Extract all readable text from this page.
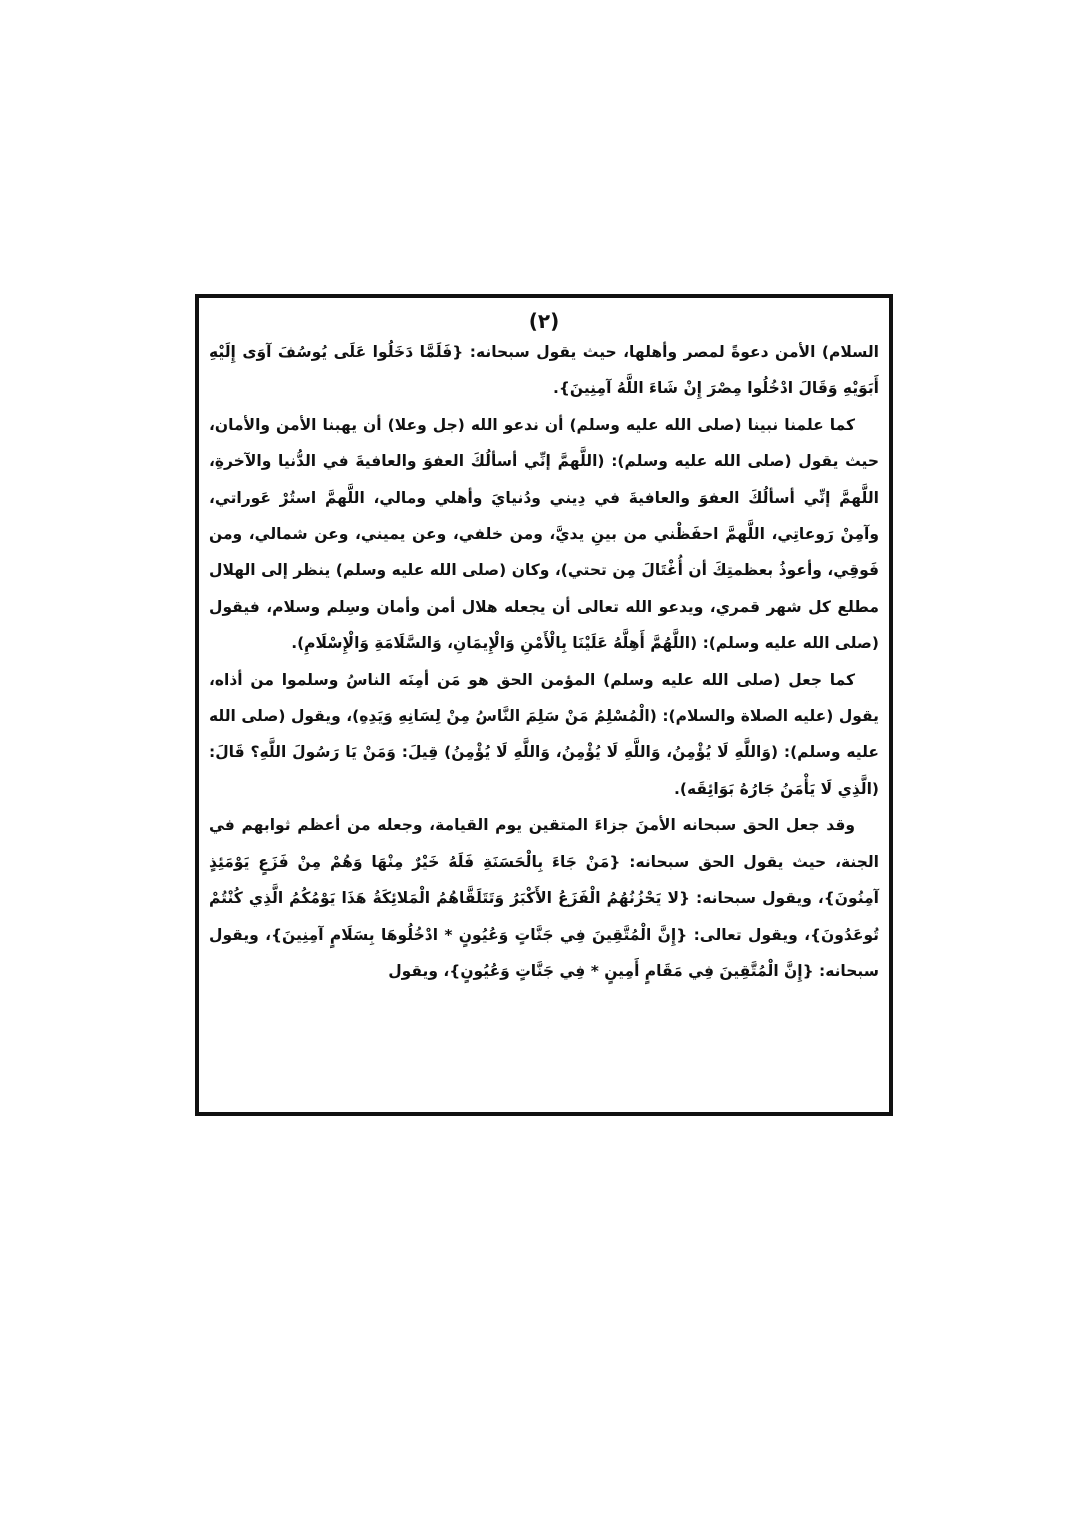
(٢)

السلام) الأمن دعوةً لمصر وأهلها، حيث يقول سبحانه: {فَلَمَّا دَخَلُوا عَلَى يُوسُفَ آوَى إِلَيْهِ أَبَوَيْهِ وَقَالَ ادْخُلُوا مِصْرَ إِنْ شَاءَ اللَّهُ آمِنِينَ}.

كما علمنا نبينا (صلى الله عليه وسلم) أن ندعو الله (جل وعلا) أن يهبنا الأمن والأمان، حيث يقول (صلى الله عليه وسلم): (اللَّهمَّ إنِّي أسألُكَ العفوَ والعافيةَ في الدُّنيا والآخرةِ، اللَّهمَّ إنِّي أسألُكَ العفوَ والعافيةَ في دِيني ودُنيايَ وأهلي ومالي، اللَّهمَّ استُرْ عَوراتي، وآمِنْ رَوعاتِي، اللَّهمَّ احفَظْني من بينِ يديَّ، ومن خلفي، وعن يميني، وعن شمالي، ومن فَوقِي، وأعوذُ بعظمتِكَ أن أُغْتَالَ مِن تحتي)، وكان (صلى الله عليه وسلم) ينظر إلى الهلال مطلع كل شهر قمري، ويدعو الله تعالى أن يجعله هلال أمن وأمان وسِلم وسلام، فيقول (صلى الله عليه وسلم): (اللَّهُمَّ أَهِلَّهُ عَلَيْنَا بِالْأَمْنِ وَالْإِيمَانِ، وَالسَّلَامَةِ وَالْإِسْلَامِ).

كما جعل (صلى الله عليه وسلم) المؤمن الحق هو مَن أمِنَه الناسُ وسلموا من أذاه، يقول (عليه الصلاة والسلام): (الْمُسْلِمُ مَنْ سَلِمَ النَّاسُ مِنْ لِسَانِهِ وَيَدِهِ)، ويقول (صلى الله عليه وسلم): (وَاللَّهِ لَا يُؤْمِنُ، وَاللَّهِ لَا يُؤْمِنُ، وَاللَّهِ لَا يُؤْمِنُ) قِيلَ: وَمَنْ يَا رَسُولَ اللَّهِ؟ قَالَ: (الَّذِي لَا يَأْمَنُ جَارُهُ بَوَائِقَه).

وقد جعل الحق سبحانه الأمنَ جزاءَ المتقين يوم القيامة، وجعله من أعظم ثوابهم في الجنة، حيث يقول الحق سبحانه: {مَنْ جَاءَ بِالْحَسَنَةِ فَلَهُ خَيْرٌ مِنْهَا وَهُمْ مِنْ فَزَعٍ يَوْمَئِذٍ آمِنُونَ}، ويقول سبحانه: {لا يَحْزُنُهُمُ الْفَزَعُ الأَكْبَرُ وَتَتَلَقَّاهُمُ الْمَلائِكَةُ هَذَا يَوْمُكُمُ الَّذِي كُنْتُمْ تُوعَدُونَ}، ويقول تعالى: {إِنَّ الْمُتَّقِينَ فِي جَنَّاتٍ وَعُيُونٍ * ادْخُلُوهَا بِسَلَامٍ آمِنِينَ}، ويقول سبحانه: {إِنَّ الْمُتَّقِينَ فِي مَقَامٍ أَمِينٍ * فِي جَنَّاتٍ وَعُيُونٍ}، ويقول
